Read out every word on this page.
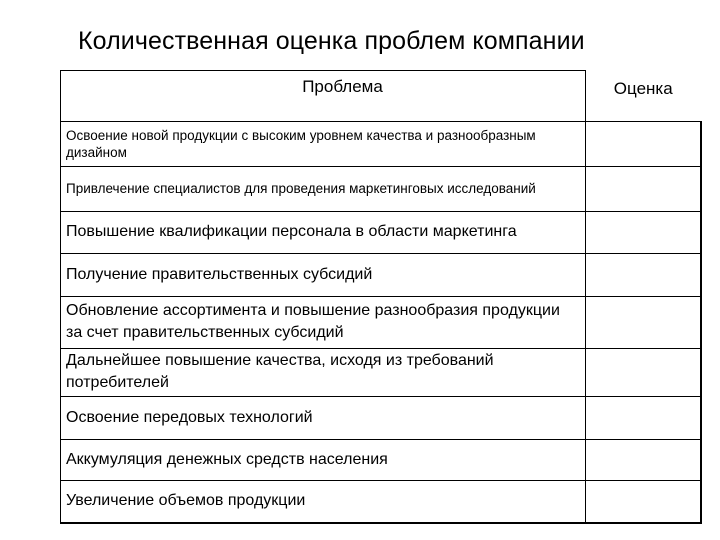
Количественная оценка проблем компании
Проблема	Оценка
Освоение новой продукции с высоким уровнем качества и разнообразным дизайном	
Привлечение специалистов для проведения маркетинговых исследований	
Повышение квалификации персонала в области маркетинга	
Получение правительственных субсидий	
Обновление ассортимента и повышение разнообразия продукции за счет правительственных субсидий	
Дальнейшее повышение качества, исходя из требований потребителей	
Освоение передовых технологий	
Аккумуляция денежных средств населения	
Увеличение объемов продукции	
